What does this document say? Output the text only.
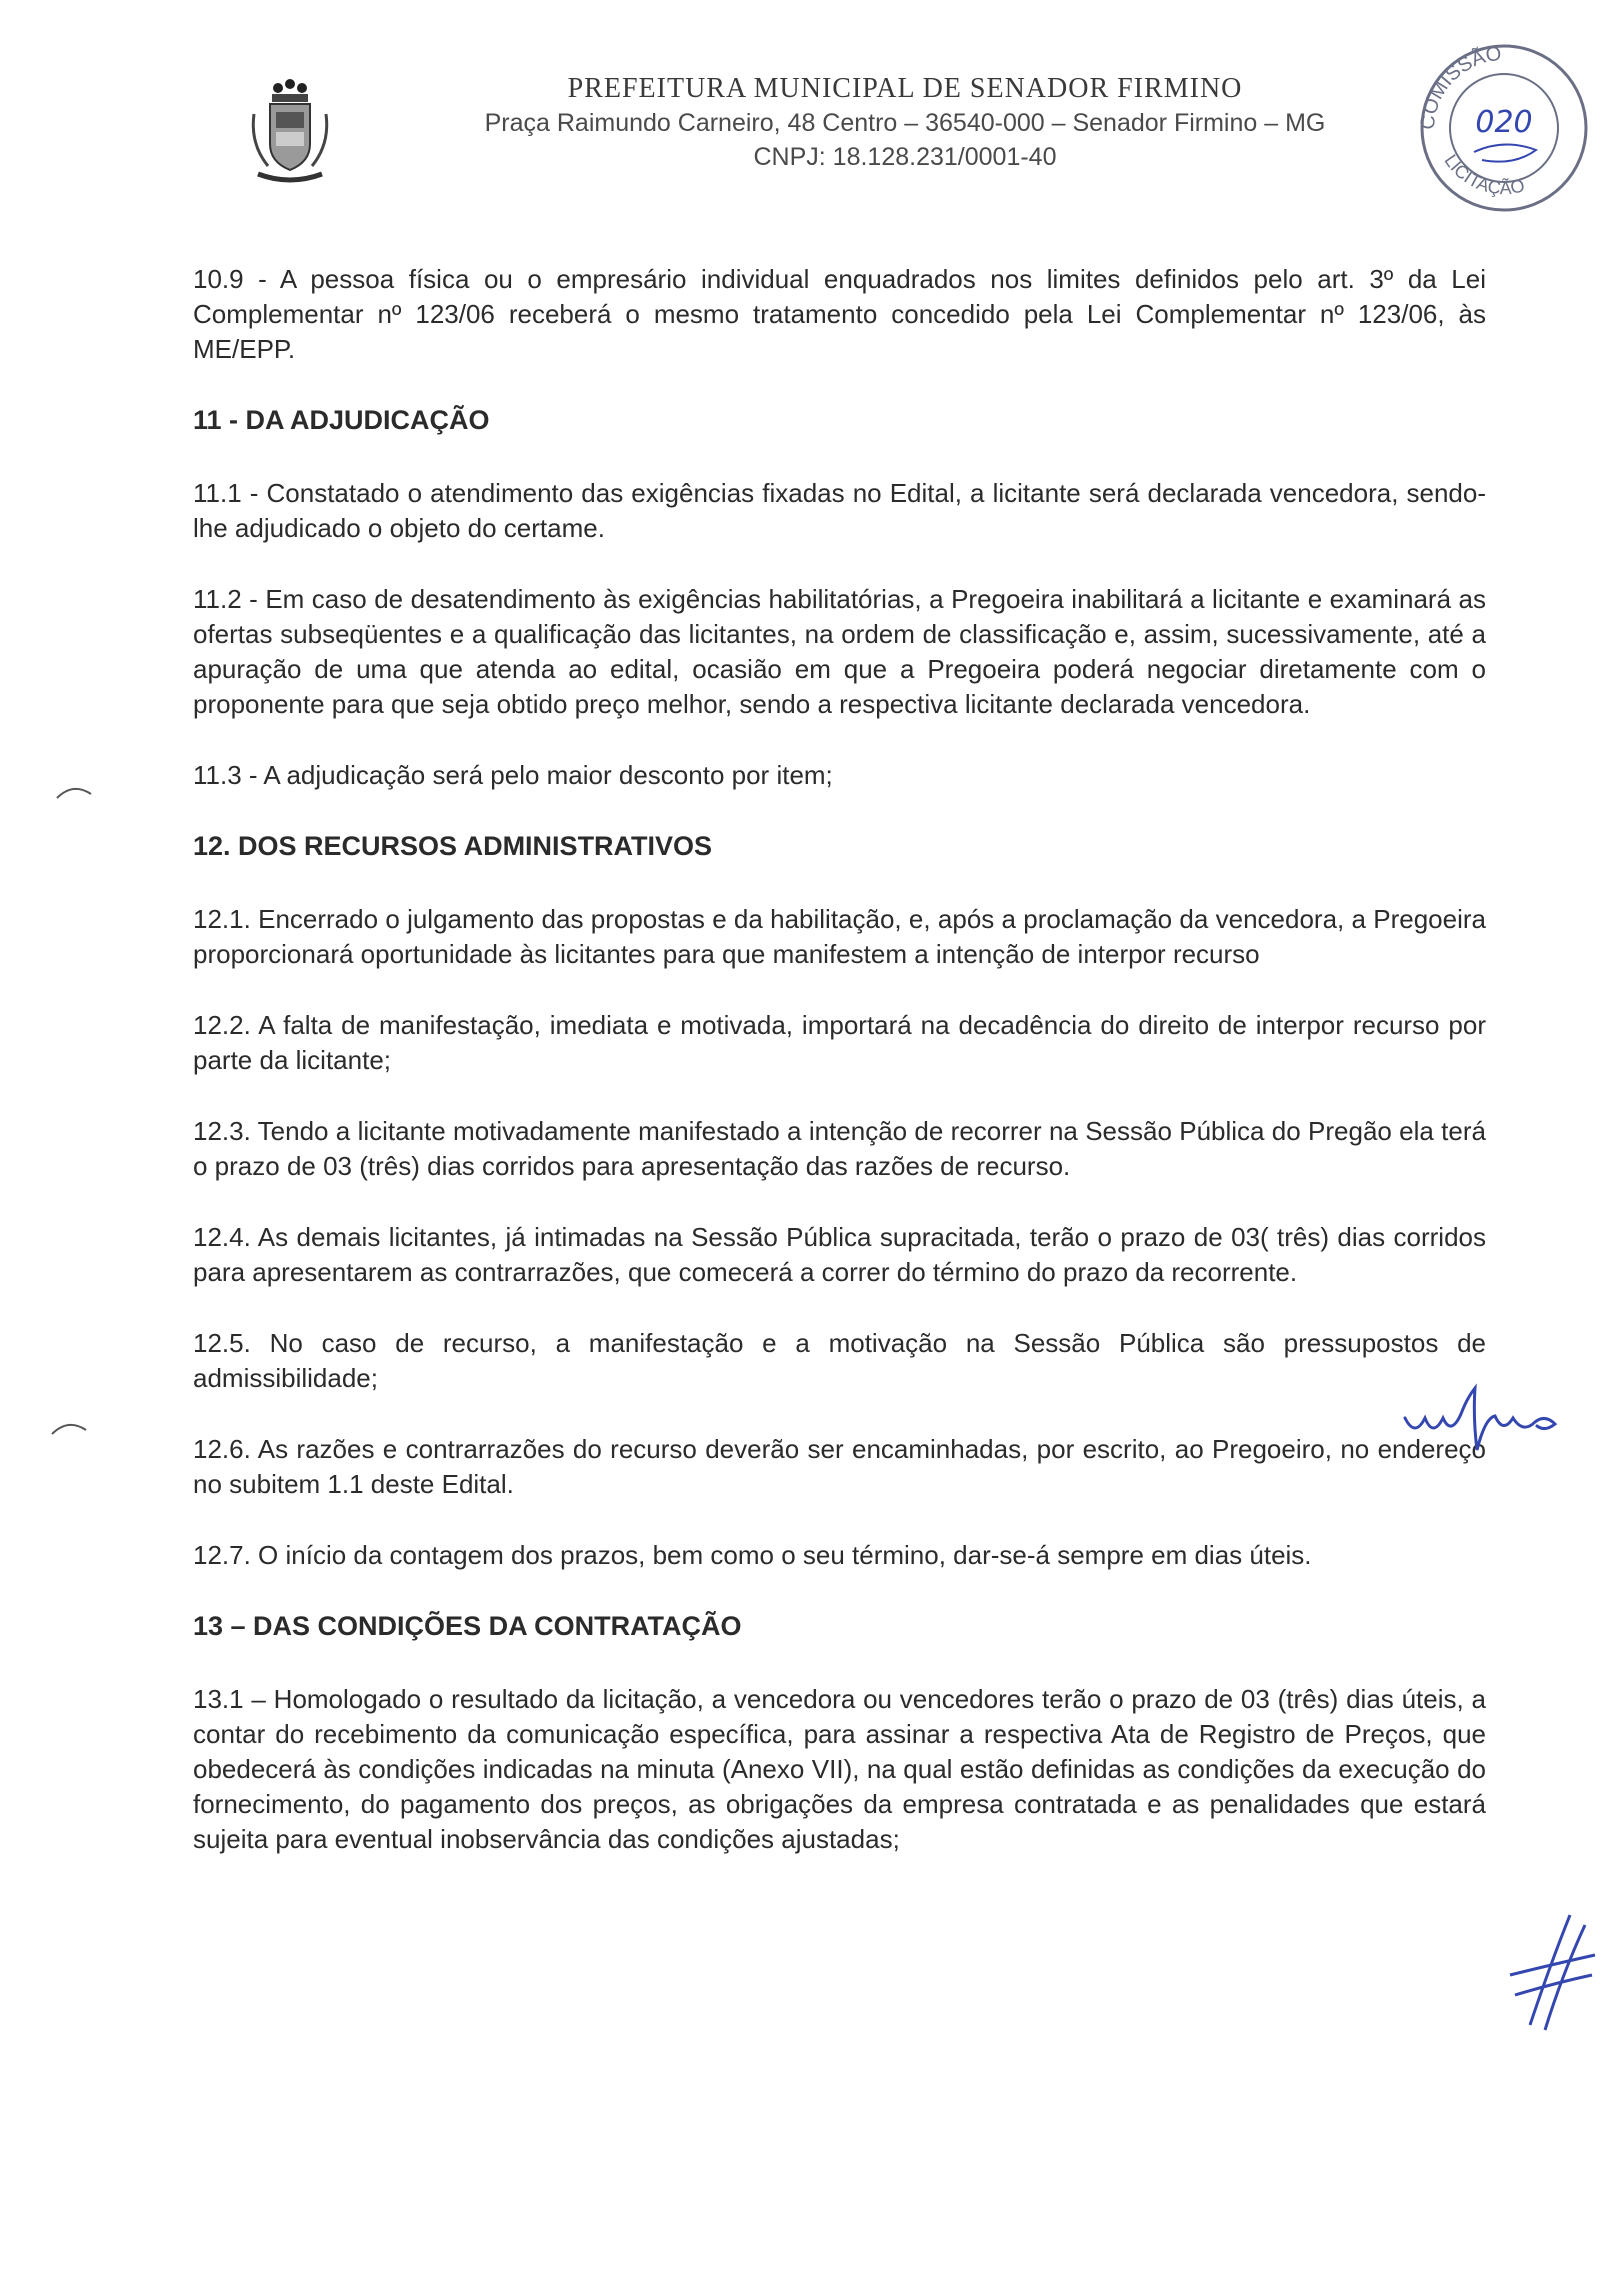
PREFEITURA MUNICIPAL DE SENADOR FIRMINO
Praça Raimundo Carneiro, 48 Centro – 36540-000 – Senador Firmino – MG
CNPJ: 18.128.231/0001-40
COMISSÃO
LICITAÇÃO
020

10.9 - A pessoa física ou o empresário individual enquadrados nos limites definidos pelo art. 3º da Lei Complementar nº 123/06 receberá o mesmo tratamento concedido pela Lei Complementar nº 123/06, às ME/EPP.

11 - DA ADJUDICAÇÃO

11.1 - Constatado o atendimento das exigências fixadas no Edital, a licitante será declarada vencedora, sendo-lhe adjudicado o objeto do certame.

11.2 - Em caso de desatendimento às exigências habilitatórias, a Pregoeira inabilitará a licitante e examinará as ofertas subseqüentes e a qualificação das licitantes, na ordem de classificação e, assim, sucessivamente, até a apuração de uma que atenda ao edital, ocasião em que a Pregoeira poderá negociar diretamente com o proponente para que seja obtido preço melhor, sendo a respectiva licitante declarada vencedora.

11.3 - A adjudicação será pelo maior desconto por item;

12. DOS RECURSOS ADMINISTRATIVOS

12.1. Encerrado o julgamento das propostas e da habilitação, e, após a proclamação da vencedora, a Pregoeira proporcionará oportunidade às licitantes para que manifestem a intenção de interpor recurso

12.2. A falta de manifestação, imediata e motivada, importará na decadência do direito de interpor recurso por parte da licitante;

12.3. Tendo a licitante motivadamente manifestado a intenção de recorrer na Sessão Pública do Pregão ela terá o prazo de 03 (três) dias corridos para apresentação das razões de recurso.

12.4. As demais licitantes, já intimadas na Sessão Pública supracitada, terão o prazo de 03( três) dias corridos para apresentarem as contrarrazões, que comecerá a correr do término do prazo da recorrente.

12.5. No caso de recurso, a manifestação e a motivação na Sessão Pública são pressupostos de admissibilidade;

12.6. As razões e contrarrazões do recurso deverão ser encaminhadas, por escrito, ao Pregoeiro, no endereço no subitem 1.1 deste Edital.

12.7. O início da contagem dos prazos, bem como o seu término, dar-se-á sempre em dias úteis.

13 – DAS CONDIÇÕES DA CONTRATAÇÃO

13.1 – Homologado o resultado da licitação, a vencedora ou vencedores terão o prazo de 03 (três) dias úteis, a contar do recebimento da comunicação específica, para assinar a respectiva Ata de Registro de Preços, que obedecerá às condições indicadas na minuta (Anexo VII), na qual estão definidas as condições da execução do fornecimento, do pagamento dos preços, as obrigações da empresa contratada e as penalidades que estará sujeita para eventual inobservância das condições ajustadas;
